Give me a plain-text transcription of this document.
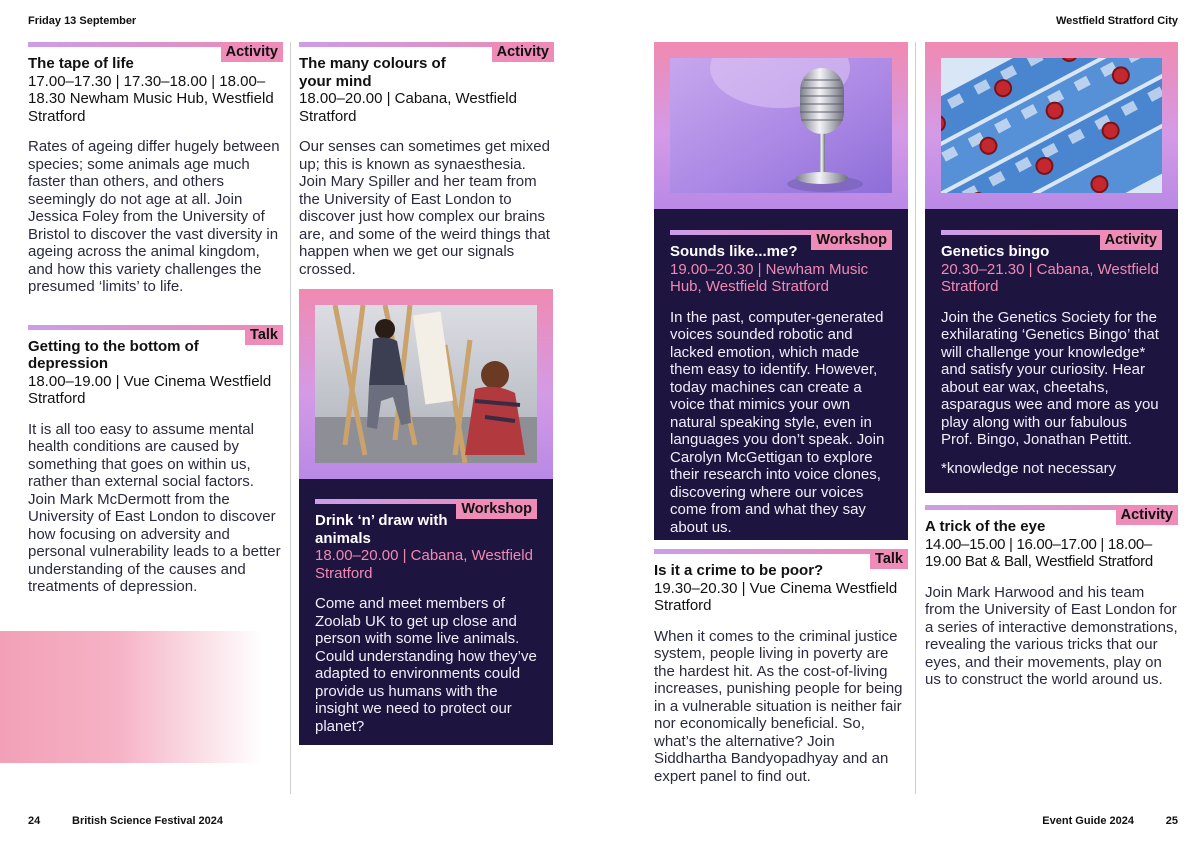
Friday 13 September	Westfield Stratford City
Activity
The tape of life
17.00–17.30 | 17.30–18.00 | 18.00–18.30 Newham Music Hub, Westfield Stratford
Rates of ageing differ hugely between species; some animals age much faster than others, and others seemingly do not age at all. Join Jessica Foley from the University of Bristol to discover the vast diversity in ageing across the animal kingdom, and how this variety challenges the presumed ‘limits’ to life.
Talk
Getting to the bottom of depression
18.00–19.00 | Vue Cinema Westfield Stratford
It is all too easy to assume mental health conditions are caused by something that goes on within us, rather than external social factors. Join Mark McDermott from the University of East London to discover how focusing on adversity and personal vulnerability leads to a better understanding of the causes and treatments of depression.
Activity
The many colours of your mind
18.00–20.00 | Cabana, Westfield Stratford
Our senses can sometimes get mixed up; this is known as synaesthesia. Join Mary Spiller and her team from the University of East London to discover just how complex our brains are, and some of the weird things that happen when we get our signals crossed.
Workshop
Drink ‘n’ draw with animals
18.00–20.00 | Cabana, Westfield Stratford
Come and meet members of Zoolab UK to get up close and person with some live animals. Could understanding how they’ve adapted to environments could provide us humans with the insight we need to protect our planet?
Workshop
Sounds like...me?
19.00–20.30 | Newham Music Hub, Westfield Stratford
In the past, computer-generated voices sounded robotic and lacked emotion, which made them easy to identify. However, today machines can create a voice that mimics your own natural speaking style, even in languages you don’t speak. Join Carolyn McGettigan to explore their research into voice clones, discovering where our voices come from and what they say about us.
Talk
Is it a crime to be poor?
19.30–20.30 | Vue Cinema Westfield Stratford
When it comes to the criminal justice system, people living in poverty are the hardest hit. As the cost-of-living increases, punishing people for being in a vulnerable situation is neither fair nor economically beneficial. So, what’s the alternative? Join Siddhartha Bandyopadhyay and an expert panel to find out.
Activity
Genetics bingo
20.30–21.30 | Cabana, Westfield Stratford
Join the Genetics Society for the exhilarating ‘Genetics Bingo’ that will challenge your knowledge* and satisfy your curiosity. Hear about ear wax, cheetahs, asparagus wee and more as you play along with our fabulous Prof. Bingo, Jonathan Pettitt.
*knowledge not necessary
Activity
A trick of the eye
14.00–15.00 | 16.00–17.00 | 18.00–19.00 Bat & Ball, Westfield Stratford
Join Mark Harwood and his team from the University of East London for a series of interactive demonstrations, revealing the various tricks that our eyes, and their movements, play on us to construct the world around us.
24	British Science Festival 2024	Event Guide 2024	25
